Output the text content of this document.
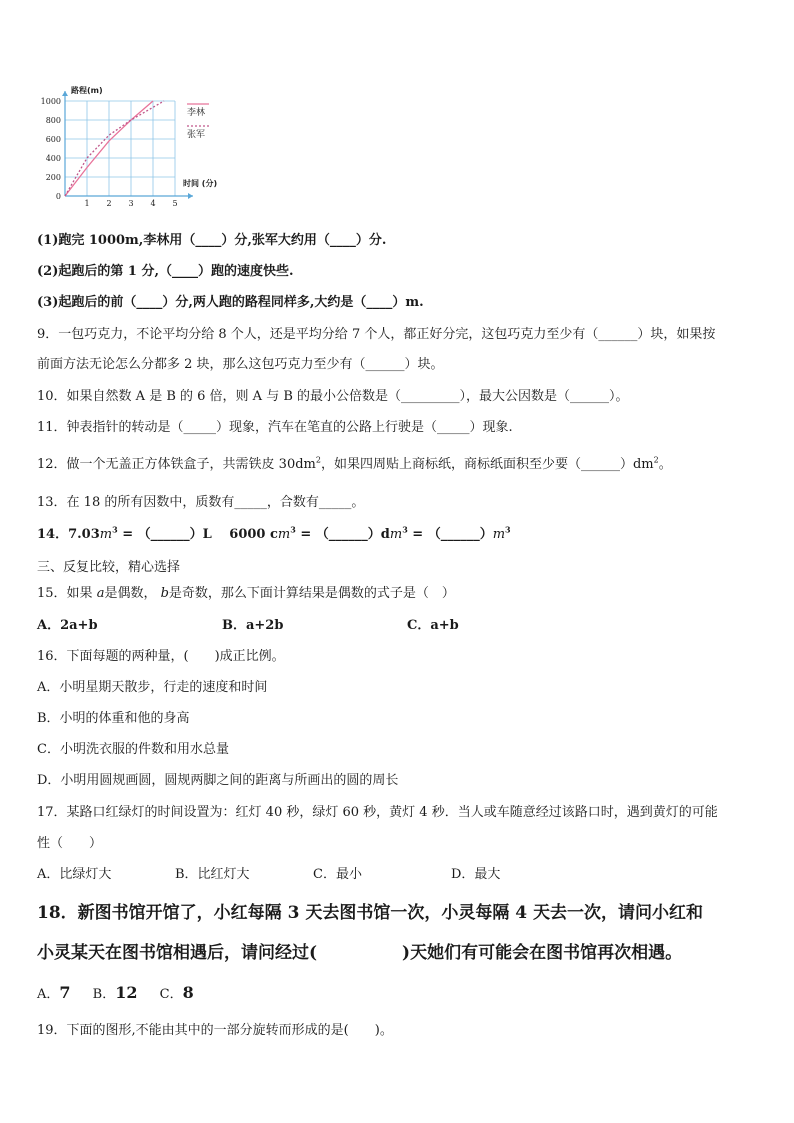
1 2 3 4 5
0
200
400
600
800
1000
路程(m)
时间 (分)
李林
张军
(1)跑完 1000m,李林用（____）分,张军大约用（____）分.
(2)起跑后的第 1 分,（____）跑的速度快些.
(3)起跑后的前（____）分,两人跑的路程同样多,大约是（____）m.
9．一包巧克力，不论平均分给 8 个人，还是平均分给 7 个人，都正好分完，这包巧克力至少有（______）块，如果按
前面方法无论怎么分都多 2 块，那么这包巧克力至少有（______）块。
10．如果自然数 A 是 B 的 6 倍，则 A 与 B 的最小公倍数是（_________），最大公因数是（______）。
11．钟表指针的转动是（_____）现象，汽车在笔直的公路上行驶是（_____）现象.
12．做一个无盖正方体铁盒子，共需铁皮 $30dm^2$，如果四周贴上商标纸，商标纸面积至少要$(\_\_\_\_\_\_)dm^2$。
13．在 18 的所有因数中，质数有_____，合数有_____。
14．$7.03m^3$ = （______）L　 6000 $cm^3$ = $(\_\_\_\_\_\_)dm^3$ = $(\_\_\_\_\_\_)m^3$
三、反复比较，精心选择
15．如果 a是偶数， b是奇数，那么下面计算结果是偶数的式子是（　）
A．2a+b	B．a+2b	C．a+b
16．下面每题的两种量，(　　)成正比例。
A．小明星期天散步，行走的速度和时间
B．小明的体重和他的身高
C．小明洗衣服的件数和用水总量
D．小明用圆规画圆，圆规两脚之间的距离与所画出的圆的周长
17．某路口红绿灯的时间设置为：红灯 40 秒，绿灯 60 秒，黄灯 4 秒．当人或车随意经过该路口时，遇到黄灯的可能
性（　　）
A．比绿灯大	B．比红灯大	C．最小	D．最大
18．新图书馆开馆了，小红每隔 3 天去图书馆一次，小灵每隔 4 天去一次，请问小红和
小灵某天在图书馆相遇后，请问经过(　　　　　)天她们有可能会在图书馆再次相遇。
A．7 B．12 C．8
19．下面的图形,不能由其中的一部分旋转而形成的是(　　)。
